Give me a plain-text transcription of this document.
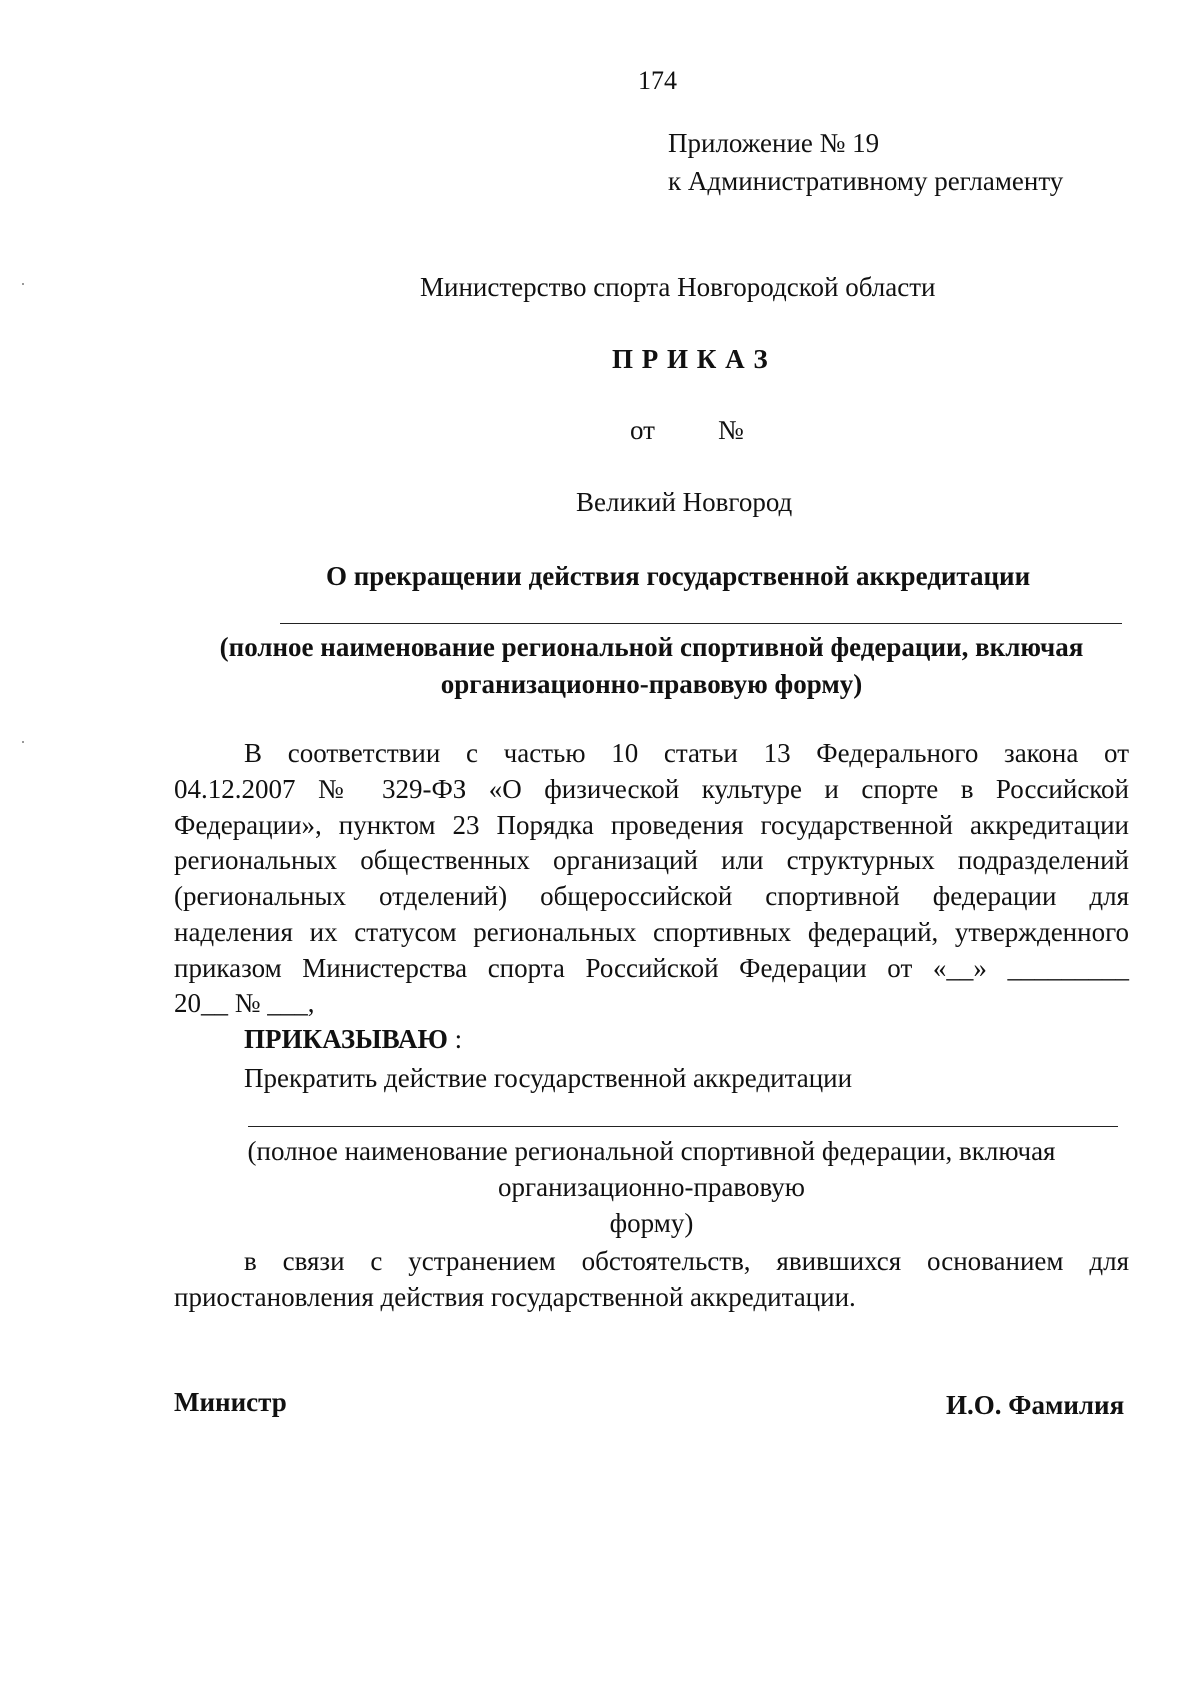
174
Приложение № 19
к Административному регламенту
Министерство спорта Новгородской области
П Р И К А З
от №
Великий Новгород
О прекращении действия государственной аккредитации
(полное наименование региональной спортивной федерации, включая
организационно-правовую форму)
В соответствии с частью 10 статьи 13 Федерального закона от
04.12.2007 № 329-ФЗ «О физической культуре и спорте в Российской
Федерации», пунктом 23 Порядка проведения государственной аккредитации
региональных общественных организаций или структурных подразделений
(региональных отделений) общероссийской спортивной федерации для
наделения их статусом региональных спортивных федераций, утвержденного
приказом Министерства спорта Российской Федерации от «__» _________
20__ № ___,
ПРИКАЗЫВАЮ :
Прекратить действие государственной аккредитации
(полное наименование региональной спортивной федерации, включая
организационно-правовую
форму)
в связи с устранением обстоятельств, явившихся основанием для
приостановления действия государственной аккредитации.
Министр	И.О. Фамилия
